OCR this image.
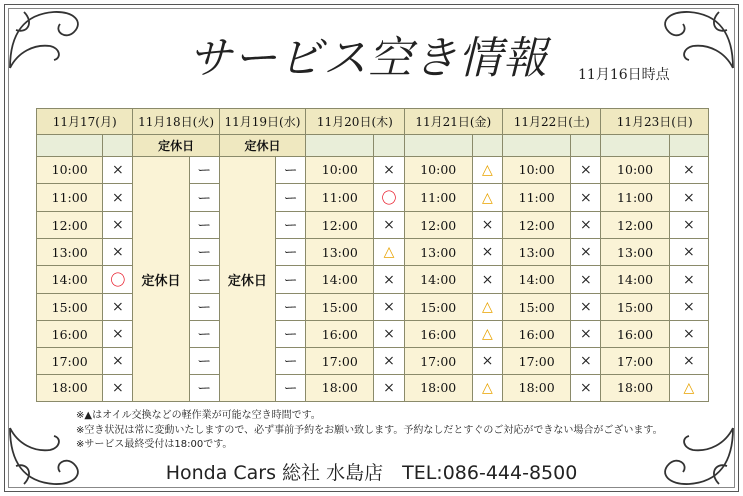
サービス空き情報 11月16日時点
11月17(月)		11月18日(火)		11月19日(水)		11月20日(木)		11月21日(金)		11月22日(土)		11月23日(日)	
		定休日		定休日									
10:00	×	定休日	ー	定休日	ー	10:00	×	10:00	△	10:00	×	10:00	×
11:00	×		ー		ー	11:00	〇	11:00	△	11:00	×	11:00	×
12:00	×		ー		ー	12:00	×	12:00	×	12:00	×	12:00	×
13:00	×		ー		ー	13:00	△	13:00	×	13:00	×	13:00	×
14:00	〇		ー		ー	14:00	×	14:00	×	14:00	×	14:00	×
15:00	×		ー		ー	15:00	×	15:00	△	15:00	×	15:00	×
16:00	×		ー		ー	16:00	×	16:00	△	16:00	×	16:00	×
17:00	×		ー		ー	17:00	×	17:00	×	17:00	×	17:00	×
18:00	×		ー		ー	18:00	×	18:00	△	18:00	×	18:00	△
※▲はオイル交換などの軽作業が可能な空き時間です。
※空き状況は常に変動いたしますので、必ず事前予約をお願い致します。予約なしだとすぐのご対応ができない場合がございます。
※サービス最終受付は18:00です。
Honda Cars 総社 水島店　TEL:086-444-8500
